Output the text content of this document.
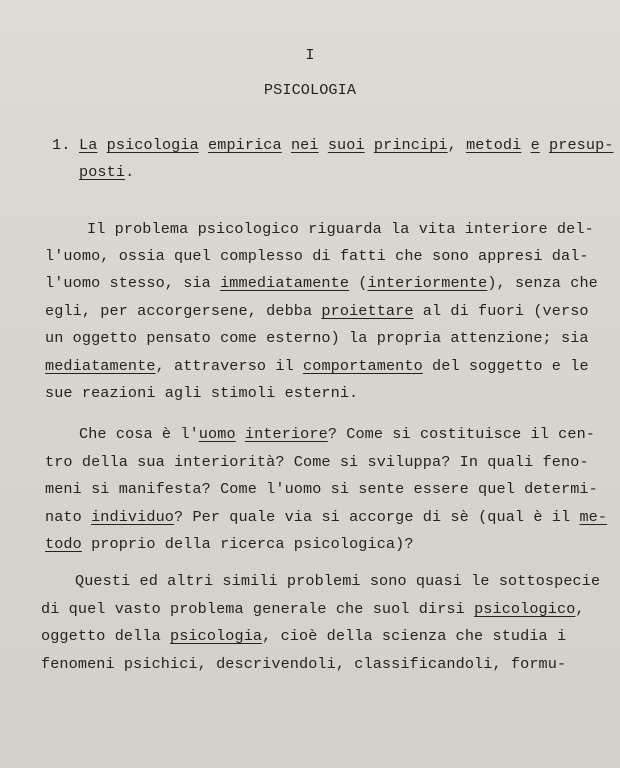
I
PSICOLOGIA
1. La psicologia empirica nei suoi principi, metodi e presup-
posti.
Il problema psicologico riguarda la vita interiore del-
l'uomo, ossia quel complesso di fatti che sono appresi dal-
l'uomo stesso, sia immediatamente (interiormente), senza che
egli, per accorgersene, debba proiettare al di fuori (verso
un oggetto pensato come esterno) la propria attenzione; sia
mediatamente, attraverso il comportamento del soggetto e le
sue reazioni agli stimoli esterni.
Che cosa è l'uomo interiore? Come si costituisce il cen-
tro della sua interiorità? Come si sviluppa? In quali feno-
meni si manifesta? Come l'uomo si sente essere quel determi-
nato individuo? Per quale via si accorge di sè (qual è il me-
todo proprio della ricerca psicologica)?
Questi ed altri simili problemi sono quasi le sottospecie
di quel vasto problema generale che suol dirsi psicologico,
oggetto della psicologia, cioè della scienza che studia i
fenomeni psichici, descrivendoli, classificandoli, formu-
